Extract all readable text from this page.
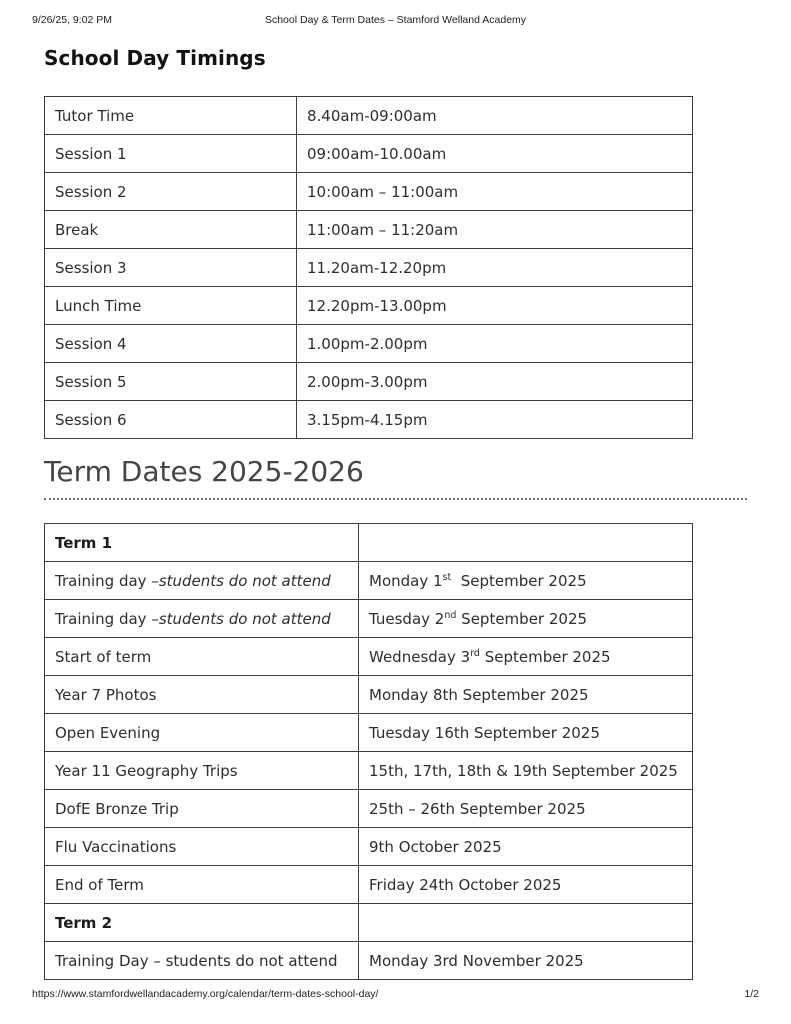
9/26/25, 9:02 PM	School Day & Term Dates – Stamford Welland Academy
School Day Timings
Tutor Time	8.40am-09:00am
Session 1	09:00am-10.00am
Session 2	10:00am – 11:00am
Break	11:00am – 11:20am
Session 3	11.20am-12.20pm
Lunch Time	12.20pm-13.00pm
Session 4	1.00pm-2.00pm
Session 5	2.00pm-3.00pm
Session 6	3.15pm-4.15pm
Term Dates 2025-2026
Term 1	
Training day –students do not attend	Monday 1st  September 2025
Training day –students do not attend	Tuesday 2nd September 2025
Start of term	Wednesday 3rd September 2025
Year 7 Photos	Monday 8th September 2025
Open Evening	Tuesday 16th September 2025
Year 11 Geography Trips	15th, 17th, 18th & 19th September 2025
DofE Bronze Trip	25th – 26th September 2025
Flu Vaccinations	9th October 2025
End of Term	Friday 24th October 2025
Term 2	
Training Day – students do not attend	Monday 3rd November 2025
https://www.stamfordwellandacademy.org/calendar/term-dates-school-day/	1/2
